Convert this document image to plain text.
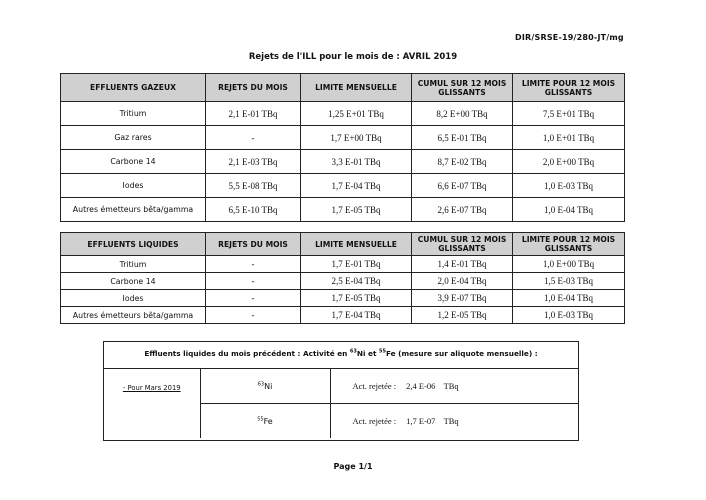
DIR/SRSE-19/280-JT/mg
Rejets de l'ILL pour le mois de : AVRIL 2019
EFFLUENTS GAZEUX	REJETS DU MOIS	LIMITE MENSUELLE	CUMUL SUR 12 MOIS GLISSANTS	LIMITE POUR 12 MOIS GLISSANTS
Tritium	2,1 E-01 TBq	1,25 E+01 TBq	8,2 E+00 TBq	7,5 E+01 TBq
Gaz rares	-	1,7 E+00 TBq	6,5 E-01 TBq	1,0 E+01 TBq
Carbone 14	2,1 E-03 TBq	3,3 E-01 TBq	8,7 E-02 TBq	2,0 E+00 TBq
Iodes	5,5 E-08 TBq	1,7 E-04 TBq	6,6 E-07 TBq	1,0 E-03 TBq
Autres émetteurs bêta/gamma	6,5 E-10 TBq	1,7 E-05 TBq	2,6 E-07 TBq	1,0 E-04 TBq
EFFLUENTS LIQUIDES	REJETS DU MOIS	LIMITE MENSUELLE	CUMUL SUR 12 MOIS GLISSANTS	LIMITE POUR 12 MOIS GLISSANTS
Tritium	-	1,7 E-01 TBq	1,4 E-01 TBq	1,0 E+00 TBq
Carbone 14	-	2,5 E-04 TBq	2,0 E-04 TBq	1,5 E-03 TBq
Iodes	-	1,7 E-05 TBq	3,9 E-07 TBq	1,0 E-04 TBq
Autres émetteurs bêta/gamma	-	1,7 E-04 TBq	1,2 E-05 TBq	1,0 E-03 TBq
Effluents liquides du mois précédent : Activité en $^{63}$Ni et $^{55}$Fe (mesure sur aliquote mensuelle) :
- Pour Mars 2019	$^{63}$Ni	Act. rejetée : 2,4 E-06 TBq
	$^{55}$Fe	Act. rejetée : 1,7 E-07 TBq
Page 1/1
